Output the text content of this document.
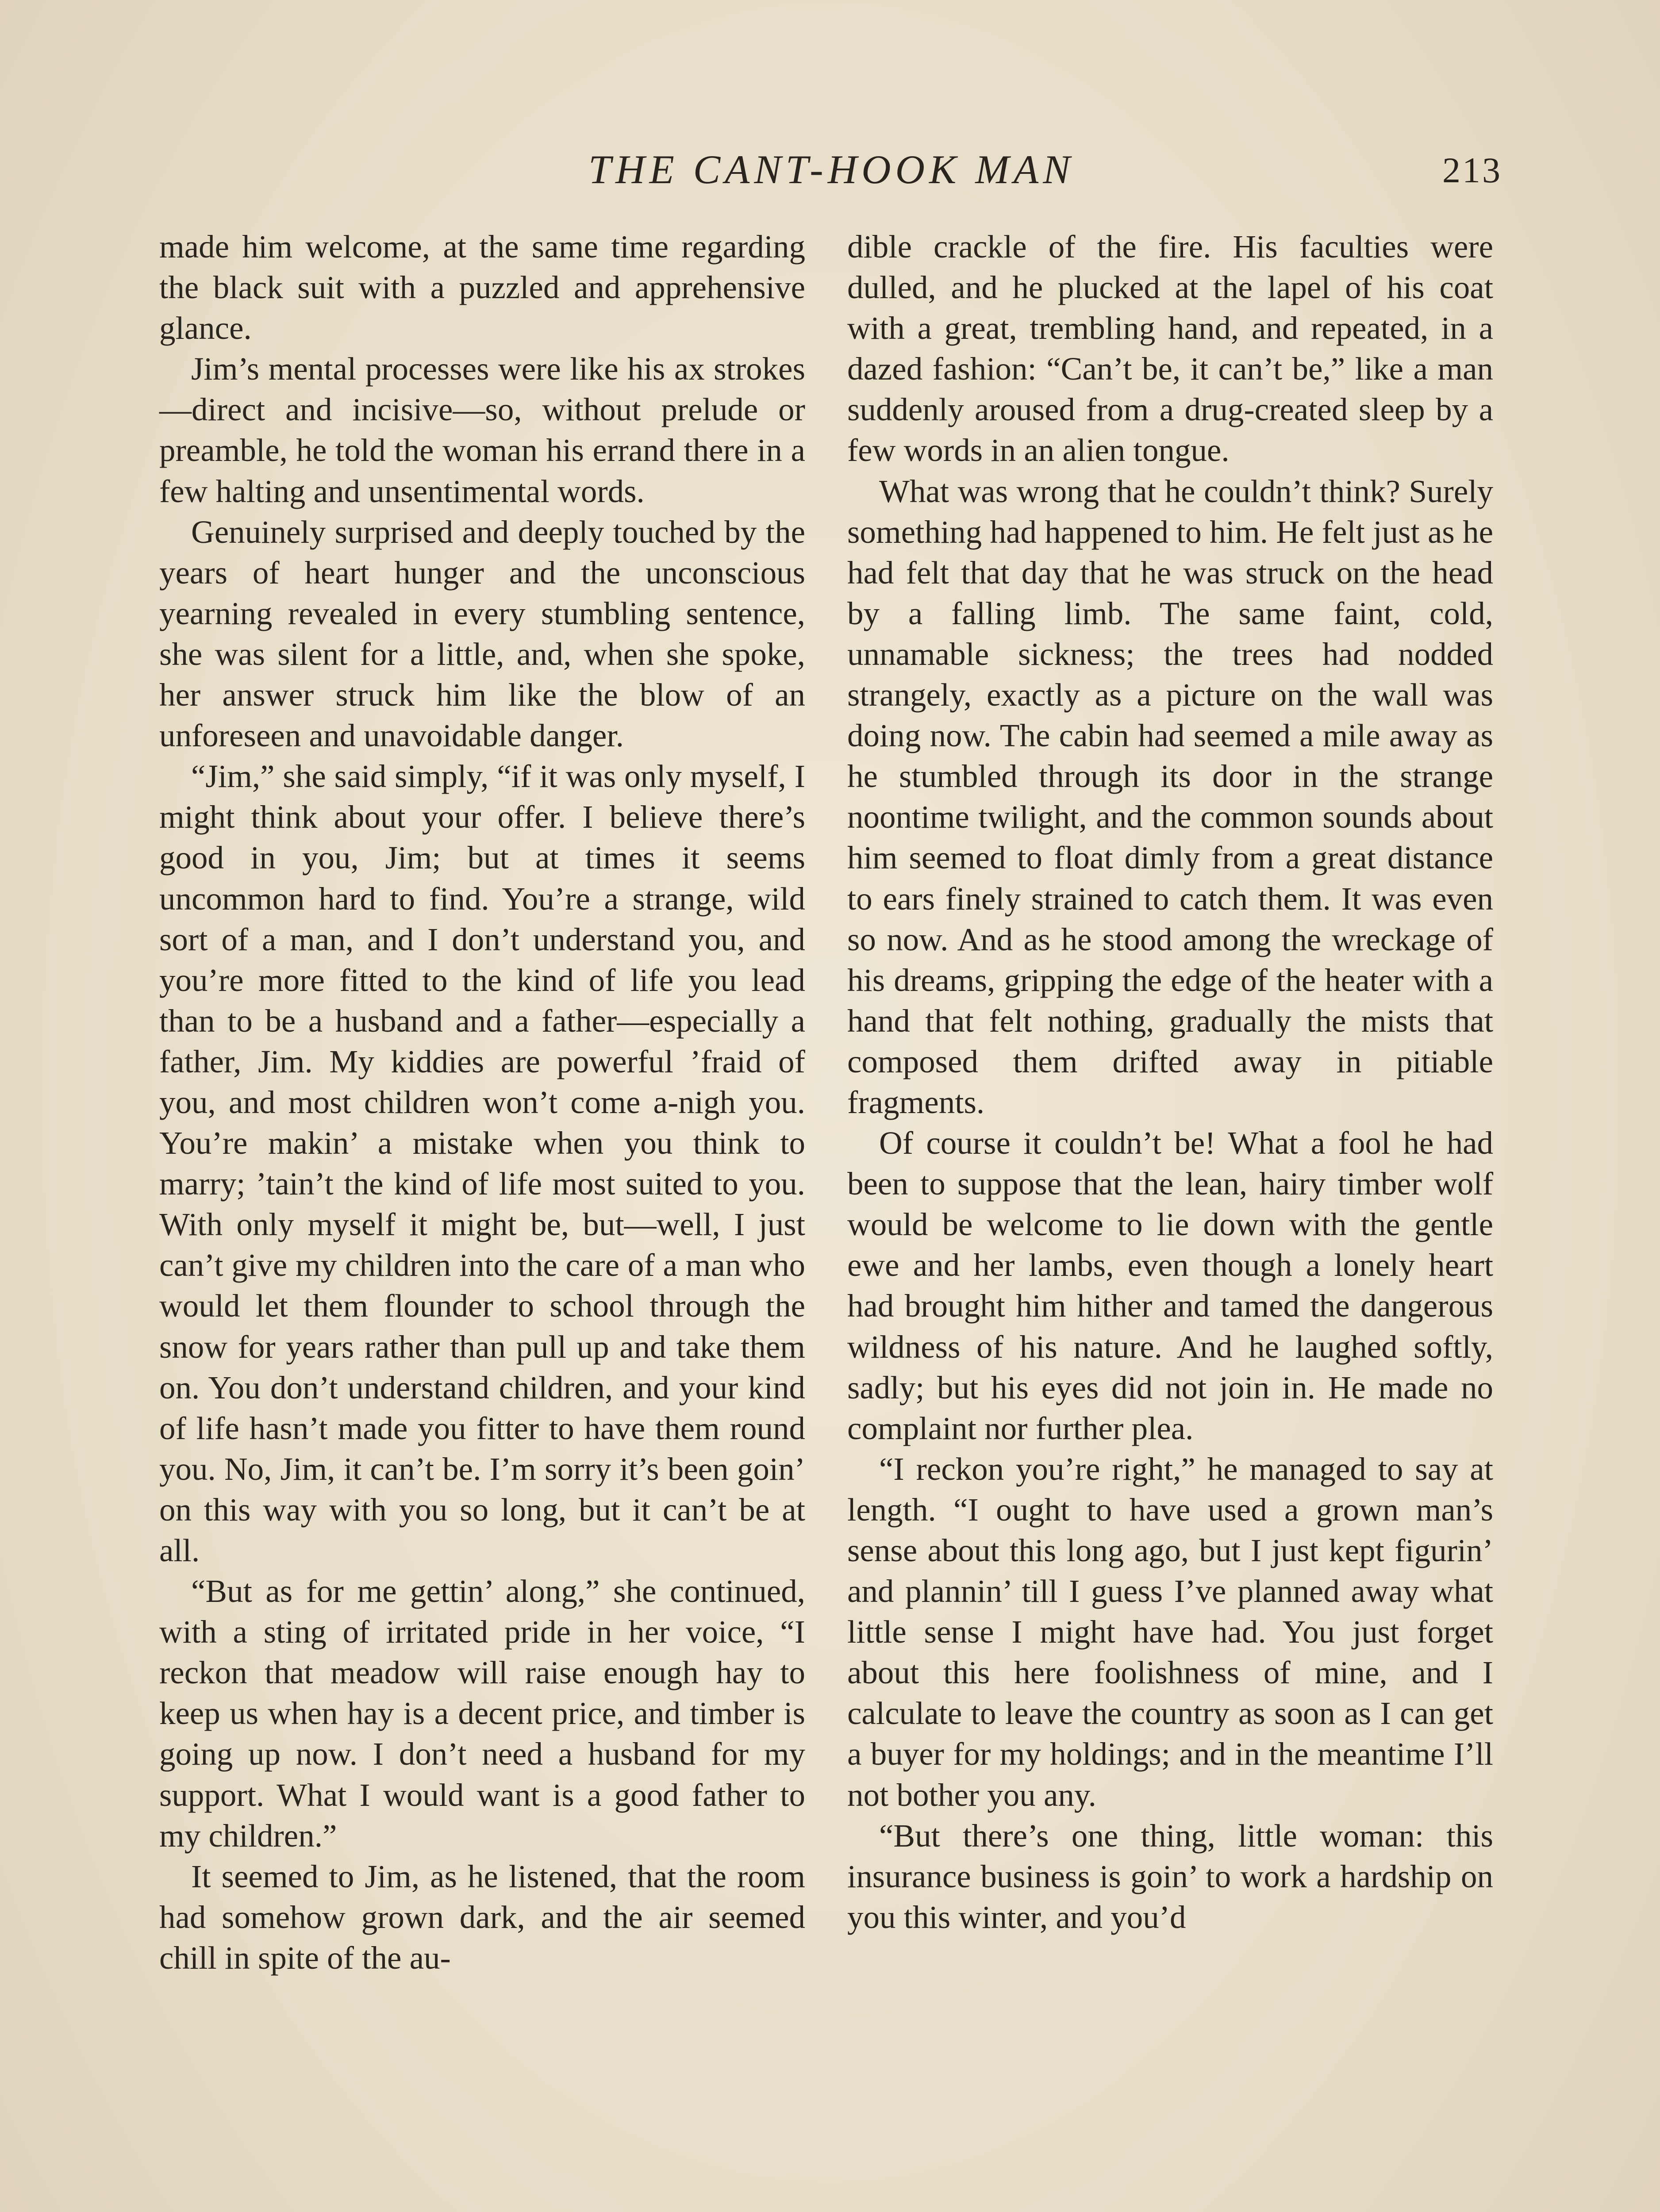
THE CANT-HOOK MAN	213

made him welcome, at the same time regarding the black suit with a puzzled and apprehensive glance.

Jim’s mental processes were like his ax strokes—direct and incisive—so, without prelude or preamble, he told the woman his errand there in a few halting and unsentimental words.

Genuinely surprised and deeply touched by the years of heart hunger and the unconscious yearning revealed in every stumbling sentence, she was silent for a little, and, when she spoke, her answer struck him like the blow of an unforeseen and unavoidable danger.

“Jim,” she said simply, “if it was only myself, I might think about your offer. I believe there’s good in you, Jim; but at times it seems uncommon hard to find. You’re a strange, wild sort of a man, and I don’t understand you, and you’re more fitted to the kind of life you lead than to be a husband and a father—especially a father, Jim. My kiddies are powerful ’fraid of you, and most children won’t come a-nigh you. You’re makin’ a mistake when you think to marry; ’tain’t the kind of life most suited to you. With only myself it might be, but—well, I just can’t give my children into the care of a man who would let them flounder to school through the snow for years rather than pull up and take them on. You don’t understand children, and your kind of life hasn’t made you fitter to have them round you. No, Jim, it can’t be. I’m sorry it’s been goin’ on this way with you so long, but it can’t be at all.

“But as for me gettin’ along,” she continued, with a sting of irritated pride in her voice, “I reckon that meadow will raise enough hay to keep us when hay is a decent price, and timber is going up now. I don’t need a husband for my support. What I would want is a good father to my children.”

It seemed to Jim, as he listened, that the room had somehow grown dark, and the air seemed chill in spite of the au-

dible crackle of the fire. His faculties were dulled, and he plucked at the lapel of his coat with a great, trembling hand, and repeated, in a dazed fashion: “Can’t be, it can’t be,” like a man suddenly aroused from a drug-created sleep by a few words in an alien tongue.

What was wrong that he couldn’t think? Surely something had happened to him. He felt just as he had felt that day that he was struck on the head by a falling limb. The same faint, cold, unnamable sickness; the trees had nodded strangely, exactly as a picture on the wall was doing now. The cabin had seemed a mile away as he stumbled through its door in the strange noontime twilight, and the common sounds about him seemed to float dimly from a great distance to ears finely strained to catch them. It was even so now. And as he stood among the wreckage of his dreams, gripping the edge of the heater with a hand that felt nothing, gradually the mists that composed them drifted away in pitiable fragments.

Of course it couldn’t be! What a fool he had been to suppose that the lean, hairy timber wolf would be welcome to lie down with the gentle ewe and her lambs, even though a lonely heart had brought him hither and tamed the dangerous wildness of his nature. And he laughed softly, sadly; but his eyes did not join in. He made no complaint nor further plea.

“I reckon you’re right,” he managed to say at length. “I ought to have used a grown man’s sense about this long ago, but I just kept figurin’ and plannin’ till I guess I’ve planned away what little sense I might have had. You just forget about this here foolishness of mine, and I calculate to leave the country as soon as I can get a buyer for my holdings; and in the meantime I’ll not bother you any.

“But there’s one thing, little woman: this insurance business is goin’ to work a hardship on you this winter, and you’d
